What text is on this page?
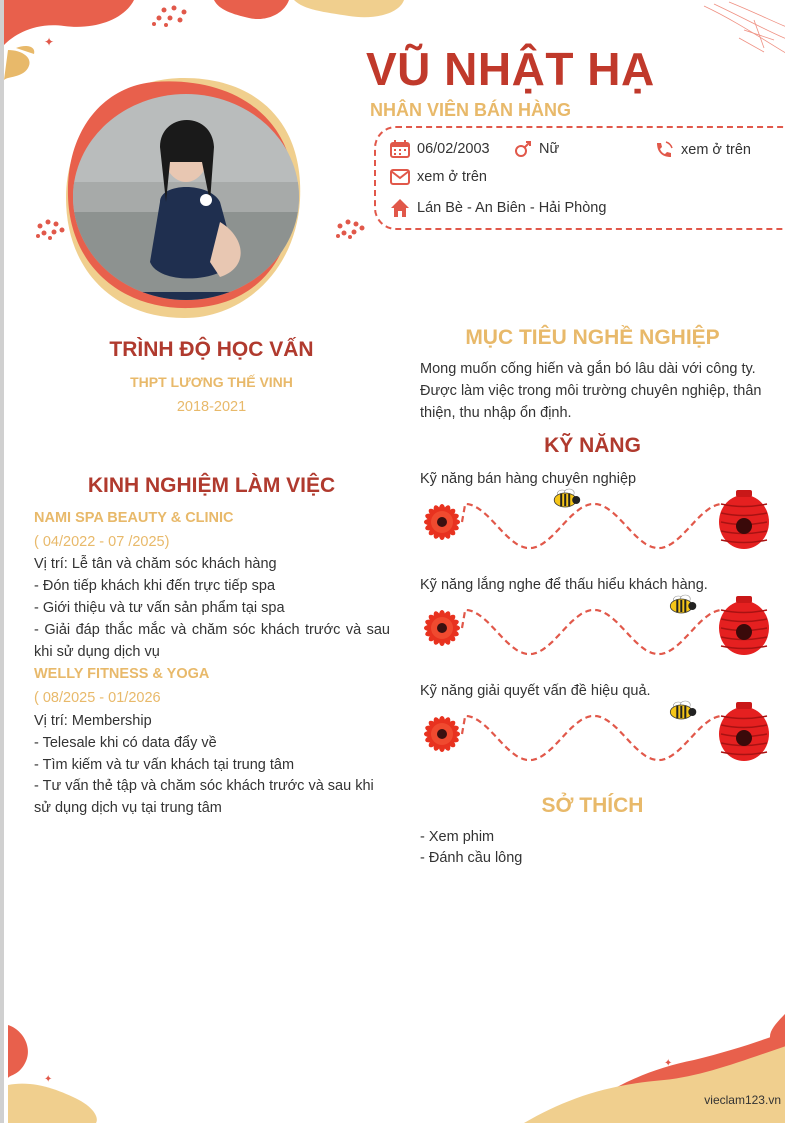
✦
✦
✦
VŨ NHẬT HẠ

NHÂN VIÊN BÁN HÀNG

06/02/2003	Nữ	xem ở trên
xem ở trên
Lán Bè - An Biên - Hải Phòng
TRÌNH ĐỘ HỌC VẤN

THPT LƯƠNG THẾ VINH

2018-2021

KINH NGHIỆM LÀM VIỆC

NAMI SPA BEAUTY & CLINIC

( 04/2022 - 07 /2025)

Vị trí: Lễ tân và chăm sóc khách hàng

- Đón tiếp khách khi đến trực tiếp spa

- Giới thiệu và tư vấn sản phẩm tại spa

- Giải đáp thắc mắc và chăm sóc khách trước và sau khi sử dụng dịch vụ

WELLY FITNESS & YOGA

( 08/2025 - 01/2026

Vị trí: Membership

- Telesale khi có data đẩy về

- Tìm kiếm và tư vấn khách tại trung tâm

- Tư vấn thẻ tập và chăm sóc khách trước và sau khi sử dụng dịch vụ tại trung tâm

MỤC TIÊU NGHỀ NGHIỆP

Mong muốn cống hiến và gắn bó lâu dài với công ty. Được làm việc trong môi trường chuyên nghiệp, thân thiện, thu nhập ổn định.

KỸ NĂNG

Kỹ năng bán hàng chuyên nghiệp

Kỹ năng lắng nghe để thấu hiểu khách hàng.

Kỹ năng giải quyết vấn đề hiệu quả.

SỞ THÍCH

- Xem phim

- Đánh cầu lông

vieclam123.vn
